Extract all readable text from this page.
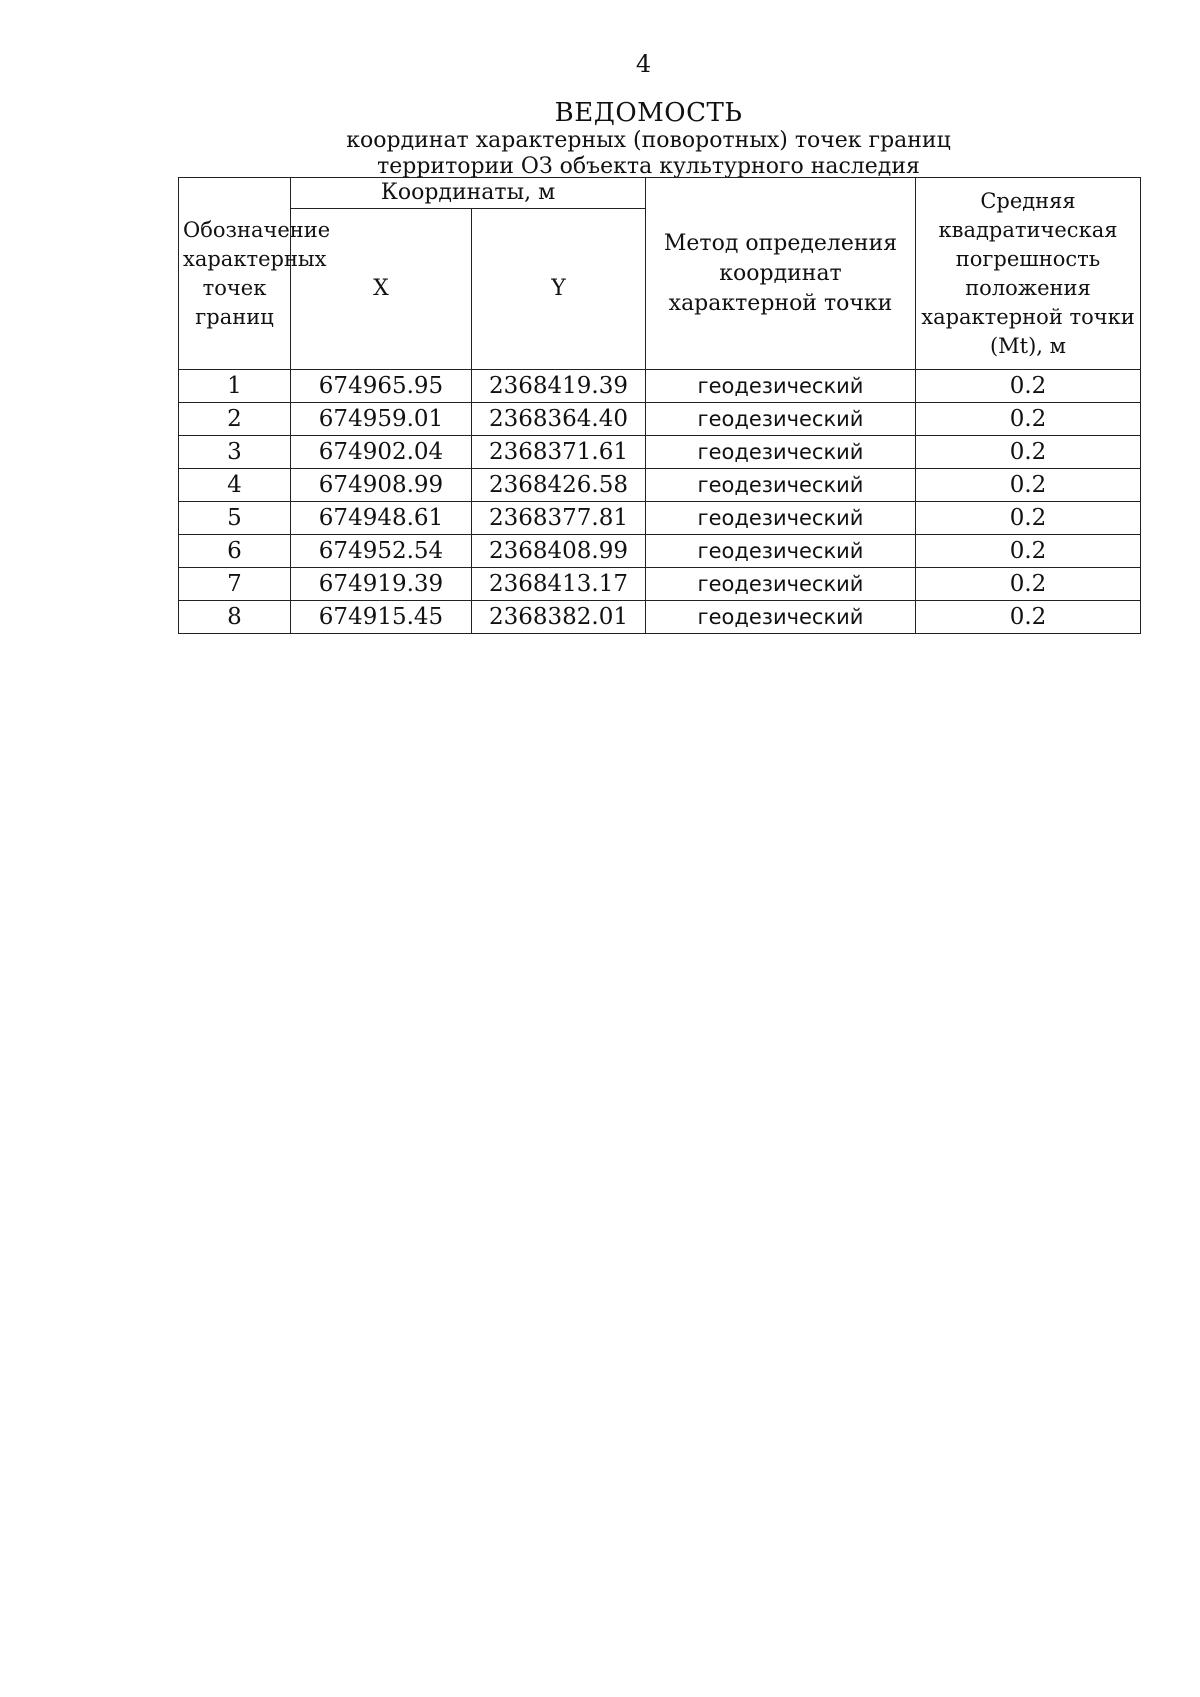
4
ВЕДОМОСТЬ
координат характерных (поворотных) точек границ
территории ОЗ объекта культурного наследия
Обозначение характерных точек границ	Координаты, м		Метод определения координат характерной точки	Средняя квадратическая погрешность положения характерной точки (Mt), м
	X	Y		
1	674965.95	2368419.39	геодезический	0.2
2	674959.01	2368364.40	геодезический	0.2
3	674902.04	2368371.61	геодезический	0.2
4	674908.99	2368426.58	геодезический	0.2
5	674948.61	2368377.81	геодезический	0.2
6	674952.54	2368408.99	геодезический	0.2
7	674919.39	2368413.17	геодезический	0.2
8	674915.45	2368382.01	геодезический	0.2
